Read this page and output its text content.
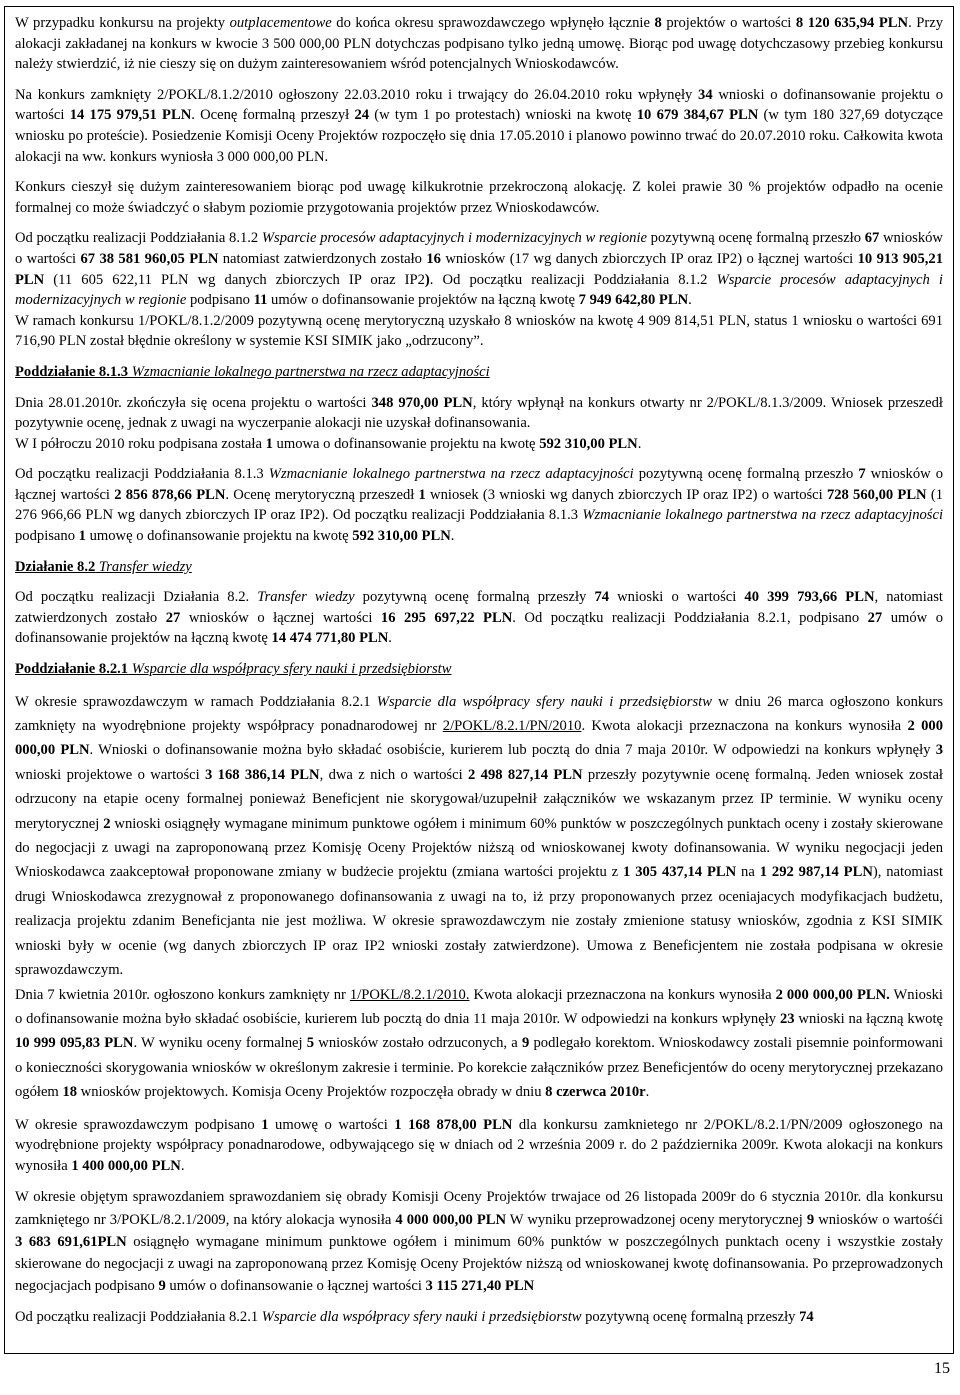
W przypadku konkursu na projekty outplacementowe do końca okresu sprawozdawczego wpłynęło łącznie 8 projektów o wartości 8 120 635,94 PLN. Przy alokacji zakładanej na konkurs w kwocie 3 500 000,00 PLN dotychczas podpisano tylko jedną umowę. Biorąc pod uwagę dotychczasowy przebieg konkursu należy stwierdzić, iż nie cieszy się on dużym zainteresowaniem wśród potencjalnych Wnioskodawców.

Na konkurs zamknięty 2/POKL/8.1.2/2010 ogłoszony 22.03.2010 roku i trwający do 26.04.2010 roku wpłynęły 34 wnioski o dofinansowanie projektu o wartości 14 175 979,51 PLN. Ocenę formalną przeszył 24 (w tym 1 po protestach) wnioski na kwotę 10 679 384,67 PLN (w tym 180 327,69 dotyczące wniosku po proteście). Posiedzenie Komisji Oceny Projektów rozpoczęło się dnia 17.05.2010 i planowo powinno trwać do 20.07.2010 roku. Całkowita kwota alokacji na ww. konkurs wyniosła 3 000 000,00 PLN.

Konkurs cieszył się dużym zainteresowaniem biorąc pod uwagę kilkukrotnie przekroczoną alokację. Z kolei prawie 30 % projektów odpadło na ocenie formalnej co może świadczyć o słabym poziomie przygotowania projektów przez Wnioskodawców.

Od początku realizacji Poddziałania 8.1.2 Wsparcie procesów adaptacyjnych i modernizacyjnych w regionie pozytywną ocenę formalną przeszło 67 wniosków o wartości 67 38 581 960,05 PLN natomiast zatwierdzonych zostało 16 wniosków (17 wg danych zbiorczych IP oraz IP2) o łącznej wartości 10 913 905,21 PLN (11 605 622,11 PLN wg danych zbiorczych IP oraz IP2). Od początku realizacji Poddziałania 8.1.2 Wsparcie procesów adaptacyjnych i modernizacyjnych w regionie podpisano 11 umów o dofinansowanie projektów na łączną kwotę 7 949 642,80 PLN.

W ramach konkursu 1/POKL/8.1.2/2009 pozytywną ocenę merytoryczną uzyskało 8 wniosków na kwotę 4 909 814,51 PLN, status 1 wniosku o wartości 691 716,90 PLN został błędnie określony w systemie KSI SIMIK jako „odrzucony”.

Poddziałanie 8.1.3 Wzmacnianie lokalnego partnerstwa na rzecz adaptacyjności

Dnia 28.01.2010r. zkończyła się ocena projektu o wartości 348 970,00 PLN, który wpłynął na konkurs otwarty nr 2/POKL/8.1.3/2009. Wniosek przeszedł pozytywnie ocenę, jednak z uwagi na wyczerpanie alokacji nie uzyskał dofinansowania.

W I półroczu 2010 roku podpisana została 1 umowa o dofinansowanie projektu na kwotę 592 310,00 PLN.

Od początku realizacji Poddziałania 8.1.3 Wzmacnianie lokalnego partnerstwa na rzecz adaptacyjności pozytywną ocenę formalną przeszło 7 wniosków o łącznej wartości 2 856 878,66 PLN. Ocenę merytoryczną przeszedł 1 wniosek (3 wnioski wg danych zbiorczych IP oraz IP2) o wartości 728 560,00 PLN (1 276 966,66 PLN wg danych zbiorczych IP oraz IP2). Od początku realizacji Poddziałania 8.1.3 Wzmacnianie lokalnego partnerstwa na rzecz adaptacyjności podpisano 1 umowę o dofinansowanie projektu na kwotę 592 310,00 PLN.

Działanie 8.2 Transfer wiedzy

Od początku realizacji Działania 8.2. Transfer wiedzy pozytywną ocenę formalną przeszły 74 wnioski o wartości 40 399 793,66 PLN, natomiast zatwierdzonych zostało 27 wniosków o łącznej wartości 16 295 697,22 PLN. Od początku realizacji Poddziałania 8.2.1, podpisano 27 umów o dofinansowanie projektów na łączną kwotę 14 474 771,80 PLN.

Poddziałanie 8.2.1 Wsparcie dla współpracy sfery nauki i przedsiębiorstw

W okresie sprawozdawczym w ramach Poddziałania 8.2.1 Wsparcie dla współpracy sfery nauki i przedsiębiorstw w dniu 26 marca ogłoszono konkurs zamknięty na wyodrębnione projekty współpracy ponadnarodowej nr 2/POKL/8.2.1/PN/2010. Kwota alokacji przeznaczona na konkurs wynosiła 2 000 000,00 PLN. Wnioski o dofinansowanie można było składać osobiście, kurierem lub pocztą do dnia 7 maja 2010r. W odpowiedzi na konkurs wpłynęły 3 wnioski projektowe o wartości 3 168 386,14 PLN, dwa z nich o wartości 2 498 827,14 PLN przeszły pozytywnie ocenę formalną. Jeden wniosek został odrzucony na etapie oceny formalnej ponieważ Beneficjent nie skorygował/uzupełnił załączników we wskazanym przez IP terminie. W wyniku oceny merytorycznej 2 wnioski osiągnęły wymagane minimum punktowe ogółem i minimum 60% punktów w poszczególnych punktach oceny i zostały skierowane do negocjacji z uwagi na zaproponowaną przez Komisję Oceny Projektów niższą od wnioskowanej kwoty dofinansowania. W wyniku negocjacji jeden Wnioskodawca zaakceptował proponowane zmiany w budżecie projektu (zmiana wartości projektu z 1 305 437,14 PLN na 1 292 987,14 PLN), natomiast drugi Wnioskodawca zrezygnował z proponowanego dofinansowania z uwagi na to, iż przy proponowanych przez oceniajacych modyfikacjach budżetu, realizacja projektu zdanim Beneficjanta nie jest możliwa. W okresie sprawozdawczym nie zostały zmienione statusy wniosków, zgodnia z KSI SIMIK wnioski były w ocenie (wg danych zbiorczych IP oraz IP2 wnioski zostały zatwierdzone). Umowa z Beneficjentem nie została podpisana w okresie sprawozdawczym.

Dnia 7 kwietnia 2010r. ogłoszono konkurs zamknięty nr 1/POKL/8.2.1/2010. Kwota alokacji przeznaczona na konkurs wynosiła 2 000 000,00 PLN. Wnioski o dofinansowanie można było składać osobiście, kurierem lub pocztą do dnia 11 maja 2010r. W odpowiedzi na konkurs wpłynęły 23 wnioski na łączną kwotę 10 999 095,83 PLN. W wyniku oceny formalnej 5 wniosków zostało odrzuconych, a 9 podlegało korektom. Wnioskodawcy zostali pisemnie poinformowani o konieczności skorygowania wniosków w określonym zakresie i terminie. Po korekcie załączników przez Beneficjentów do oceny merytorycznej przekazano ogółem 18 wniosków projektowych. Komisja Oceny Projektów rozpoczęła obrady w dniu 8 czerwca 2010r.

W okresie sprawozdawczym podpisano 1 umowę o wartości 1 168 878,00 PLN dla konkursu zamknietego nr 2/POKL/8.2.1/PN/2009 ogłoszonego na wyodrębnione projekty współpracy ponadnarodowe, odbywającego się w dniach od 2 września 2009 r. do 2 października 2009r. Kwota alokacji na konkurs wynosiła 1 400 000,00 PLN.

W okresie objętym sprawozdaniem sprawozdaniem się obrady Komisji Oceny Projektów trwajace od 26 listopada 2009r do 6 stycznia 2010r. dla konkursu zamkniętego nr 3/POKL/8.2.1/2009, na który alokacja wynosiła 4 000 000,00 PLN W wyniku przeprowadzonej oceny merytorycznej 9 wniosków o wartośći 3 683 691,61PLN osiągnęło wymagane minimum punktowe ogółem i minimum 60% punktów w poszczególnych punktach oceny i wszystkie zostały skierowane do negocjacji z uwagi na zaproponowaną przez Komisję Oceny Projektów niższą od wnioskowanej kwotę dofinansowania. Po przeprowadzonych negocjacjach podpisano 9 umów o dofinansowanie o łącznej wartości 3 115 271,40 PLN

Od początku realizacji Poddziałania 8.2.1 Wsparcie dla współpracy sfery nauki i przedsiębiorstw pozytywną ocenę formalną przeszły 74

15
